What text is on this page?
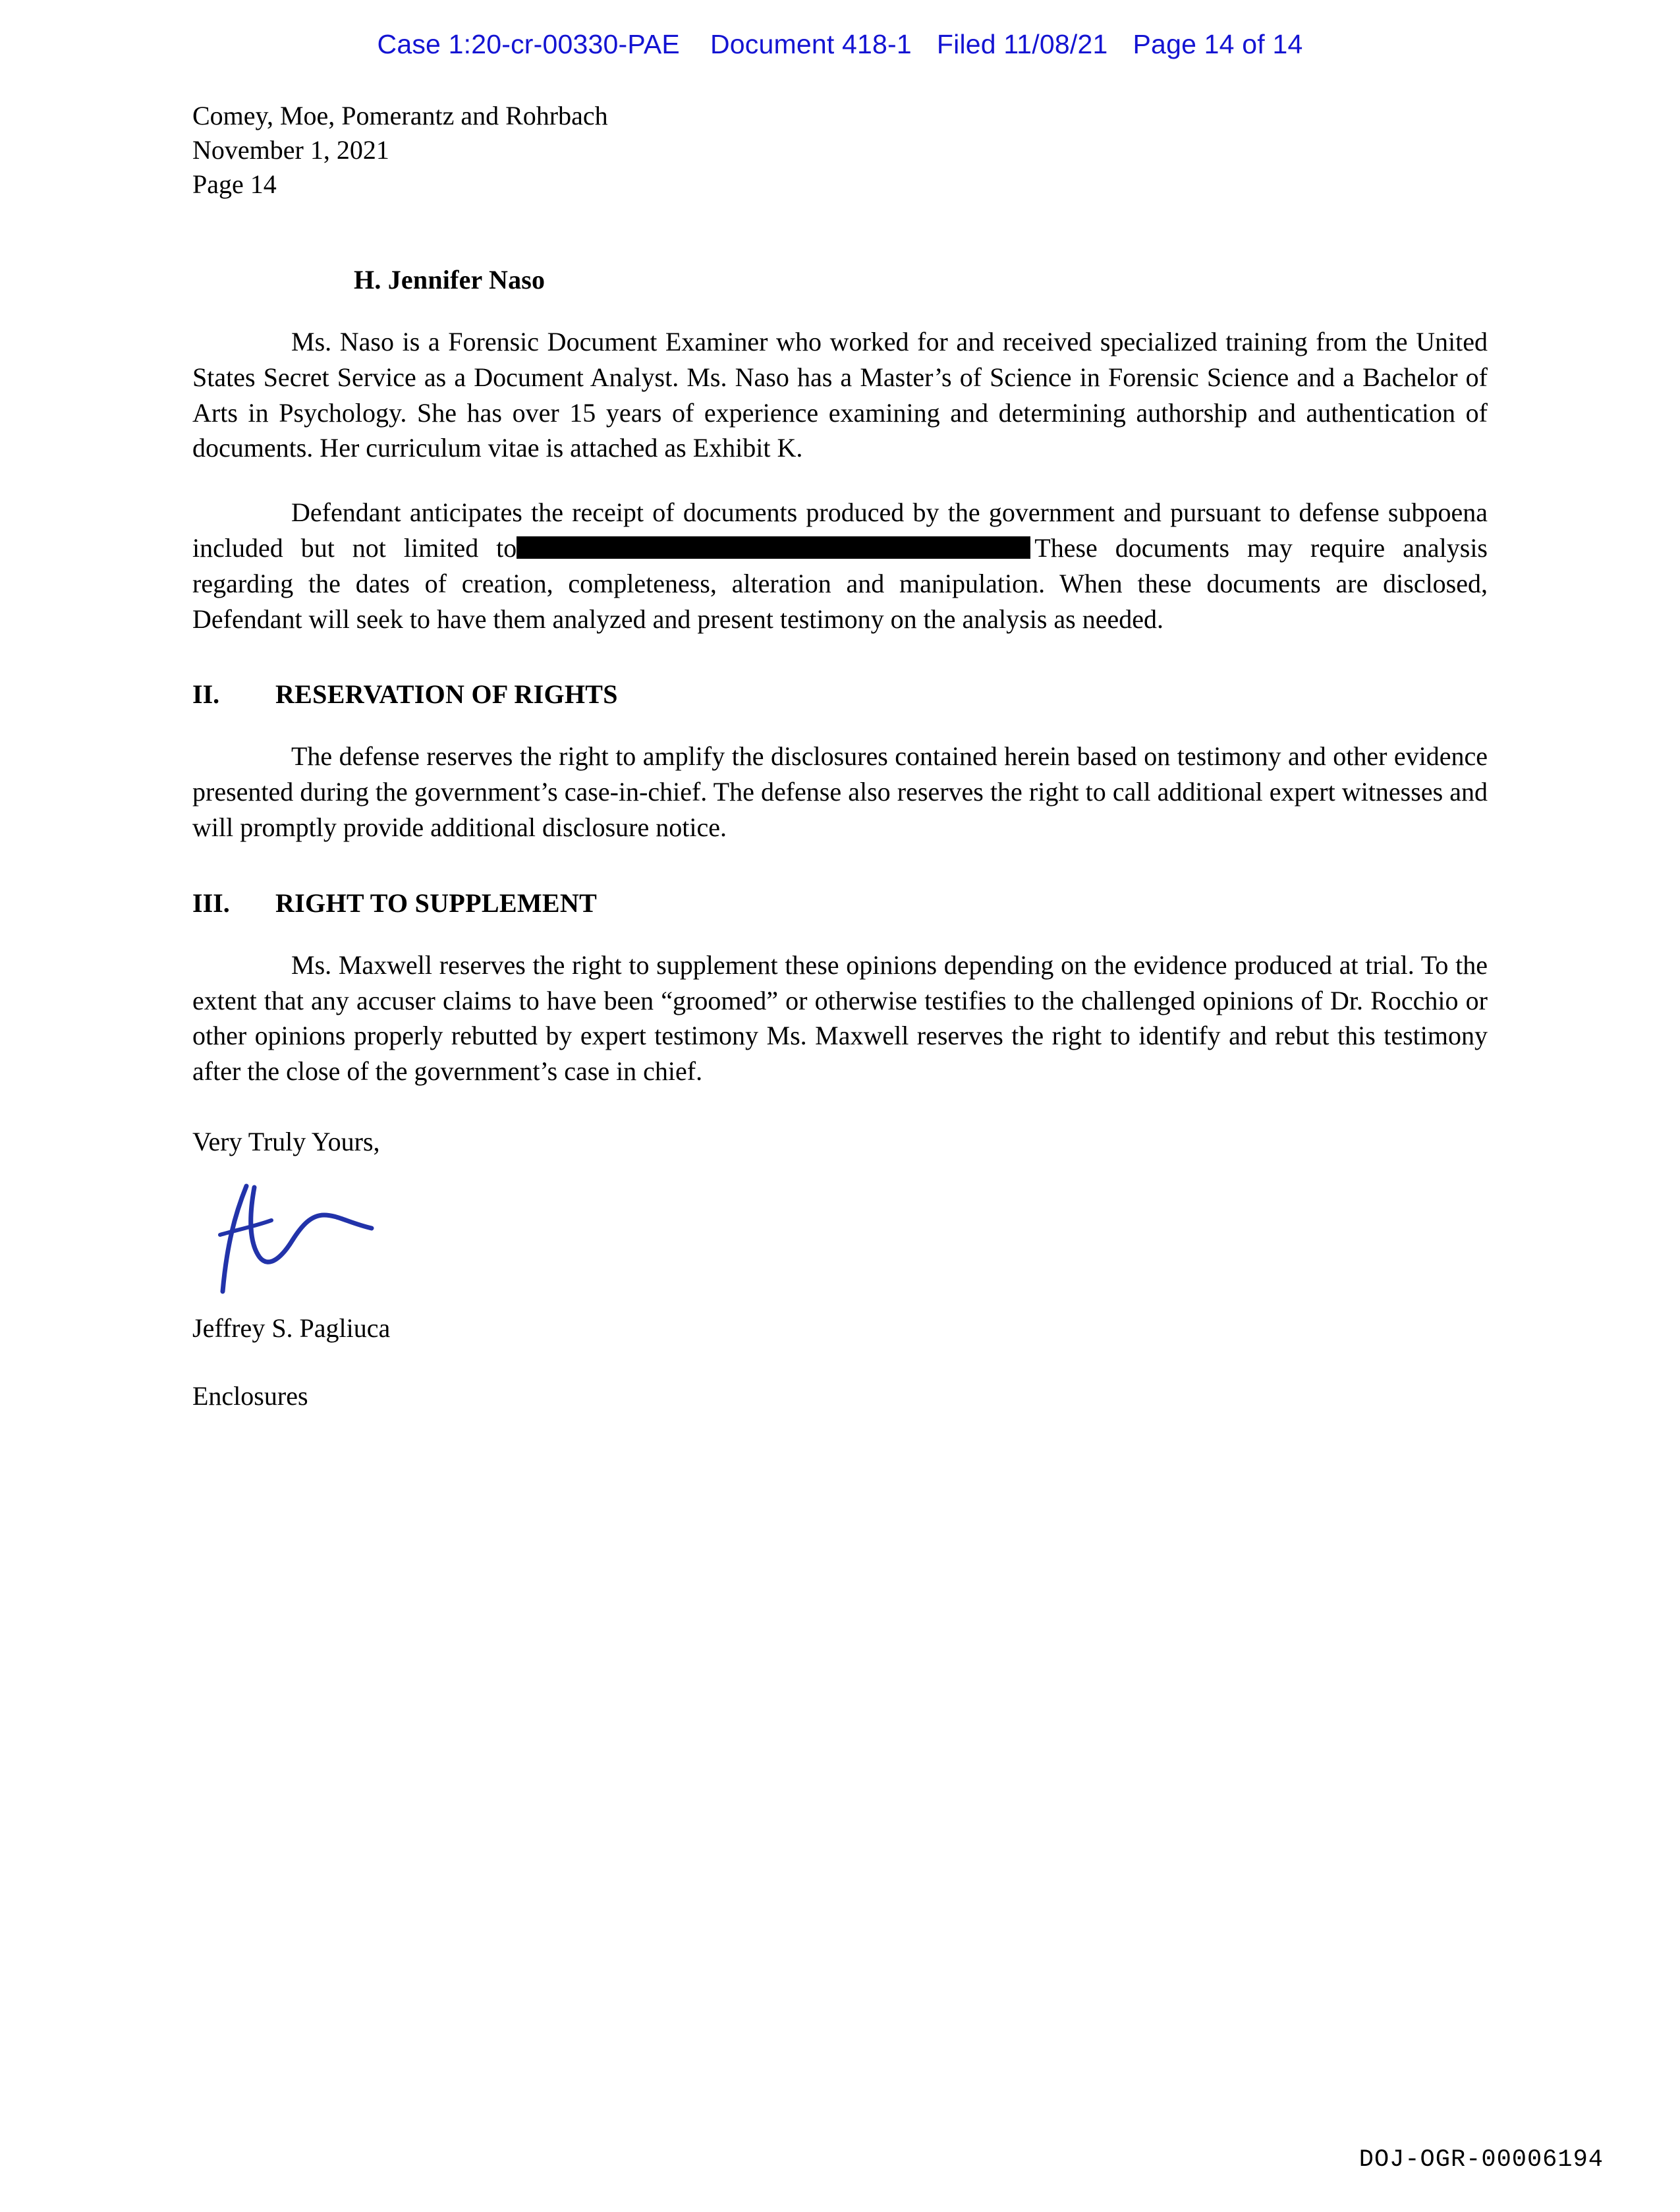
Case 1:20-cr-00330-PAE Document 418-1 Filed 11/08/21 Page 14 of 14
Comey, Moe, Pomerantz and Rohrbach
November 1, 2021
Page 14
H. Jennifer Naso

Ms. Naso is a Forensic Document Examiner who worked for and received specialized training from the United States Secret Service as a Document Analyst. Ms. Naso has a Master’s of Science in Forensic Science and a Bachelor of Arts in Psychology. She has over 15 years of experience examining and determining authorship and authentication of documents. Her curriculum vitae is attached as Exhibit K.

Defendant anticipates the receipt of documents produced by the government and pursuant to defense subpoena included but not limited to	These documents may require analysis regarding the dates of creation, completeness, alteration and manipulation. When these documents are disclosed, Defendant will seek to have them analyzed and present testimony on the analysis as needed.

II.	RESERVATION OF RIGHTS

The defense reserves the right to amplify the disclosures contained herein based on testimony and other evidence presented during the government’s case-in-chief. The defense also reserves the right to call additional expert witnesses and will promptly provide additional disclosure notice.

III.	RIGHT TO SUPPLEMENT

Ms. Maxwell reserves the right to supplement these opinions depending on the evidence produced at trial. To the extent that any accuser claims to have been “groomed” or otherwise testifies to the challenged opinions of Dr. Rocchio or other opinions properly rebutted by expert testimony Ms. Maxwell reserves the right to identify and rebut this testimony after the close of the government’s case in chief.

Very Truly Yours,
Jeffrey S. Pagliuca
Enclosures
DOJ-OGR-00006194
